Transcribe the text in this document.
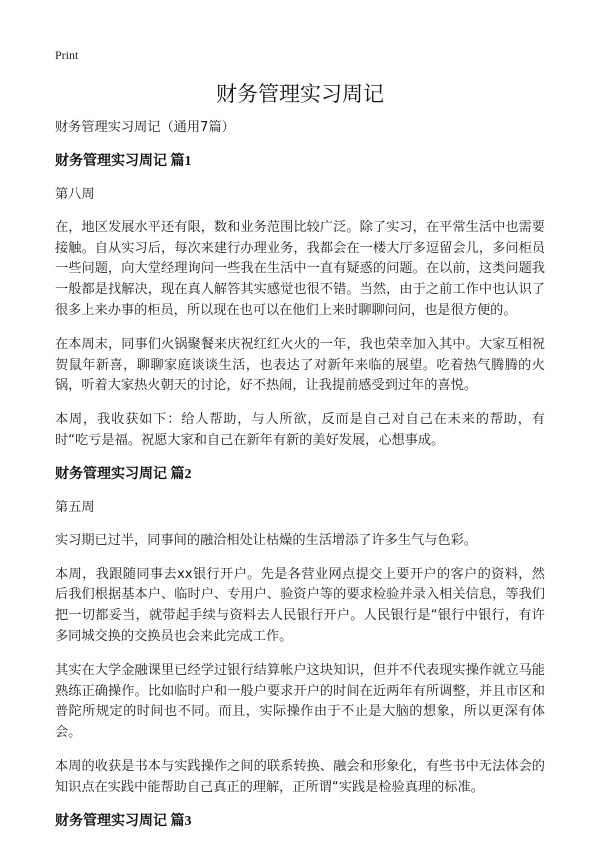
Print
财务管理实习周记
财务管理实习周记（通用7篇）
财务管理实习周记 篇1
第八周
在，地区发展水平还有限，数和业务范围比较广泛。除了实习，在平常生活中也需要接触。自从实习后，每次来建行办理业务，我都会在一楼大厅多逗留会儿，多问柜员一些问题，向大堂经理询问一些我在生活中一直有疑惑的问题。在以前，这类问题我一般都是找解决，现在真人解答其实感觉也很不错。当然，由于之前工作中也认识了很多上来办事的柜员，所以现在也可以在他们上来时聊聊问问，也是很方便的。
在本周末，同事们火锅聚餐来庆祝红红火火的一年，我也荣幸加入其中。大家互相祝贺鼠年新喜，聊聊家庭谈谈生活，也表达了对新年来临的展望。吃着热气腾腾的火锅，听着大家热火朝天的讨论，好不热闹，让我提前感受到过年的喜悦。
本周，我收获如下：给人帮助，与人所欲，反而是自己对自己在未来的帮助，有时“吃亏是福。祝愿大家和自己在新年有新的美好发展，心想事成。
财务管理实习周记 篇2
第五周
实习期已过半，同事间的融洽相处让枯燥的生活增添了许多生气与色彩。
本周，我跟随同事去xx银行开户。先是各营业网点提交上要开户的客户的资料，然后我们根据基本户、临时户、专用户、验资户等的要求检验并录入相关信息，等我们把一切都妥当，就带起手续与资料去人民银行开户。人民银行是“银行中银行，有许多同城交换的交换员也会来此完成工作。
其实在大学金融课里已经学过银行结算帐户这块知识，但并不代表现实操作就立马能熟练正确操作。比如临时户和一般户要求开户的时间在近两年有所调整，并且市区和普陀所规定的时间也不同。而且，实际操作由于不止是大脑的想象，所以更深有体会。
本周的收获是书本与实践操作之间的联系转换、融会和形象化，有些书中无法体会的知识点在实践中能帮助自己真正的理解，正所谓“实践是检验真理的标准。
财务管理实习周记 篇3
